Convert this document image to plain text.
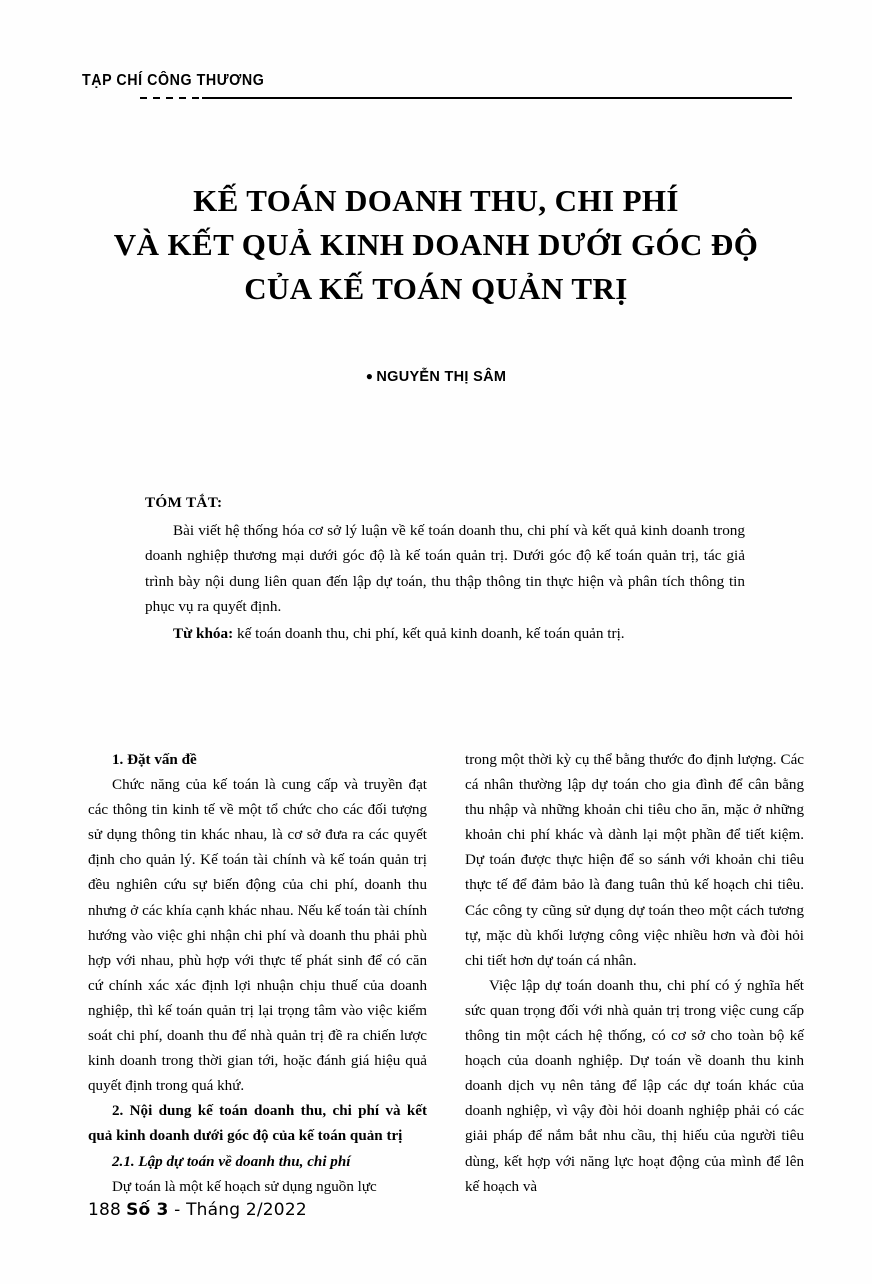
TẠP CHÍ CÔNG THƯƠNG
KẾ TOÁN DOANH THU, CHI PHÍ
VÀ KẾT QUẢ KINH DOANH DƯỚI GÓC ĐỘ
CỦA KẾ TOÁN QUẢN TRỊ
● NGUYỄN THỊ SÂM
TÓM TẮT:
Bài viết hệ thống hóa cơ sở lý luận về kế toán doanh thu, chi phí và kết quả kinh doanh trong doanh nghiệp thương mại dưới góc độ là kế toán quản trị. Dưới góc độ kế toán quản trị, tác giả trình bày nội dung liên quan đến lập dự toán, thu thập thông tin thực hiện và phân tích thông tin phục vụ ra quyết định.
Từ khóa: kế toán doanh thu, chi phí, kết quả kinh doanh, kế toán quản trị.
1. Đặt vấn đề

Chức năng của kế toán là cung cấp và truyền đạt các thông tin kinh tế về một tổ chức cho các đối tượng sử dụng thông tin khác nhau, là cơ sở đưa ra các quyết định cho quản lý. Kế toán tài chính và kế toán quản trị đều nghiên cứu sự biến động của chi phí, doanh thu nhưng ở các khía cạnh khác nhau. Nếu kế toán tài chính hướng vào việc ghi nhận chi phí và doanh thu phải phù hợp với nhau, phù hợp với thực tế phát sinh để có căn cứ chính xác xác định lợi nhuận chịu thuế của doanh nghiệp, thì kế toán quản trị lại trọng tâm vào việc kiểm soát chi phí, doanh thu để nhà quản trị đề ra chiến lược kinh doanh trong thời gian tới, hoặc đánh giá hiệu quả quyết định trong quá khứ.

2. Nội dung kế toán doanh thu, chi phí và kết quả kinh doanh dưới góc độ của kế toán quản trị
2.1. Lập dự toán về doanh thu, chi phí

Dự toán là một kế hoạch sử dụng nguồn lực

trong một thời kỳ cụ thể bằng thước đo định lượng. Các cá nhân thường lập dự toán cho gia đình để cân bằng thu nhập và những khoản chi tiêu cho ăn, mặc ở những khoản chi phí khác và dành lại một phần để tiết kiệm. Dự toán được thực hiện để so sánh với khoản chi tiêu thực tế để đảm bảo là đang tuân thủ kế hoạch chi tiêu. Các công ty cũng sử dụng dự toán theo một cách tương tự, mặc dù khối lượng công việc nhiều hơn và đòi hỏi chi tiết hơn dự toán cá nhân.

Việc lập dự toán doanh thu, chi phí có ý nghĩa hết sức quan trọng đối với nhà quản trị trong việc cung cấp thông tin một cách hệ thống, có cơ sở cho toàn bộ kế hoạch của doanh nghiệp. Dự toán về doanh thu kinh doanh dịch vụ nên tảng để lập các dự toán khác của doanh nghiệp, vì vậy đòi hỏi doanh nghiệp phải có các giải pháp để nắm bắt nhu cầu, thị hiếu của người tiêu dùng, kết hợp với năng lực hoạt động của mình để lên kế hoạch và

188 Số 3 - Tháng 2/2022
